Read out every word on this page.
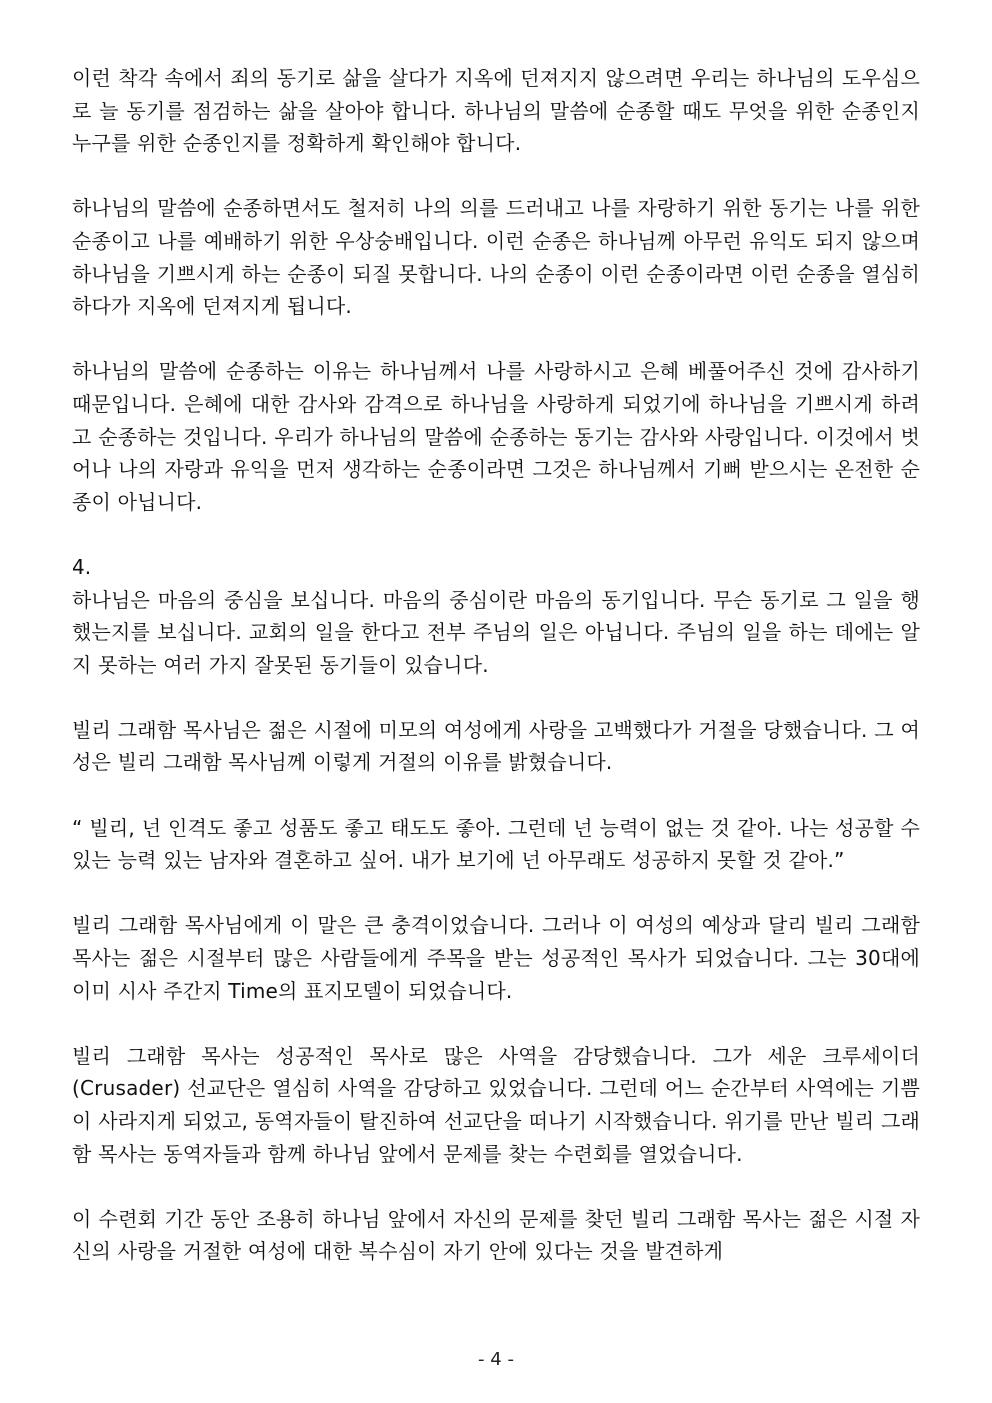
이런 착각 속에서 죄의 동기로 삶을 살다가 지옥에 던져지지 않으려면 우리는 하나님의 도우심으로 늘 동기를 점검하는 삶을 살아야 합니다. 하나님의 말씀에 순종할 때도 무엇을 위한 순종인지 누구를 위한 순종인지를 정확하게 확인해야 합니다.

하나님의 말씀에 순종하면서도 철저히 나의 의를 드러내고 나를 자랑하기 위한 동기는 나를 위한 순종이고 나를 예배하기 위한 우상숭배입니다. 이런 순종은 하나님께 아무런 유익도 되지 않으며 하나님을 기쁘시게 하는 순종이 되질 못합니다. 나의 순종이 이런 순종이라면 이런 순종을 열심히 하다가 지옥에 던져지게 됩니다.

하나님의 말씀에 순종하는 이유는 하나님께서 나를 사랑하시고 은혜 베풀어주신 것에 감사하기 때문입니다. 은혜에 대한 감사와 감격으로 하나님을 사랑하게 되었기에 하나님을 기쁘시게 하려고 순종하는 것입니다. 우리가 하나님의 말씀에 순종하는 동기는 감사와 사랑입니다. 이것에서 벗어나 나의 자랑과 유익을 먼저 생각하는 순종이라면 그것은 하나님께서 기뻐 받으시는 온전한 순종이 아닙니다.

4.

하나님은 마음의 중심을 보십니다. 마음의 중심이란 마음의 동기입니다. 무슨 동기로 그 일을 행했는지를 보십니다. 교회의 일을 한다고 전부 주님의 일은 아닙니다. 주님의 일을 하는 데에는 알지 못하는 여러 가지 잘못된 동기들이 있습니다.

빌리 그래함 목사님은 젊은 시절에 미모의 여성에게 사랑을 고백했다가 거절을 당했습니다. 그 여성은 빌리 그래함 목사님께 이렇게 거절의 이유를 밝혔습니다.

“ 빌리, 넌 인격도 좋고 성품도 좋고 태도도 좋아. 그런데 넌 능력이 없는 것 같아. 나는 성공할 수 있는 능력 있는 남자와 결혼하고 싶어. 내가 보기에 넌 아무래도 성공하지 못할 것 같아.”

빌리 그래함 목사님에게 이 말은 큰 충격이었습니다. 그러나 이 여성의 예상과 달리 빌리 그래함 목사는 젊은 시절부터 많은 사람들에게 주목을 받는 성공적인 목사가 되었습니다. 그는 30대에 이미 시사 주간지 Time의 표지모델이 되었습니다.

빌리 그래함 목사는 성공적인 목사로 많은 사역을 감당했습니다. 그가 세운 크루세이더(Crusader) 선교단은 열심히 사역을 감당하고 있었습니다. 그런데 어느 순간부터 사역에는 기쁨이 사라지게 되었고, 동역자들이 탈진하여 선교단을 떠나기 시작했습니다. 위기를 만난 빌리 그래함 목사는 동역자들과 함께 하나님 앞에서 문제를 찾는 수련회를 열었습니다.

이 수련회 기간 동안 조용히 하나님 앞에서 자신의 문제를 찾던 빌리 그래함 목사는 젊은 시절 자신의 사랑을 거절한 여성에 대한 복수심이 자기 안에 있다는 것을 발견하게

- 4 -
